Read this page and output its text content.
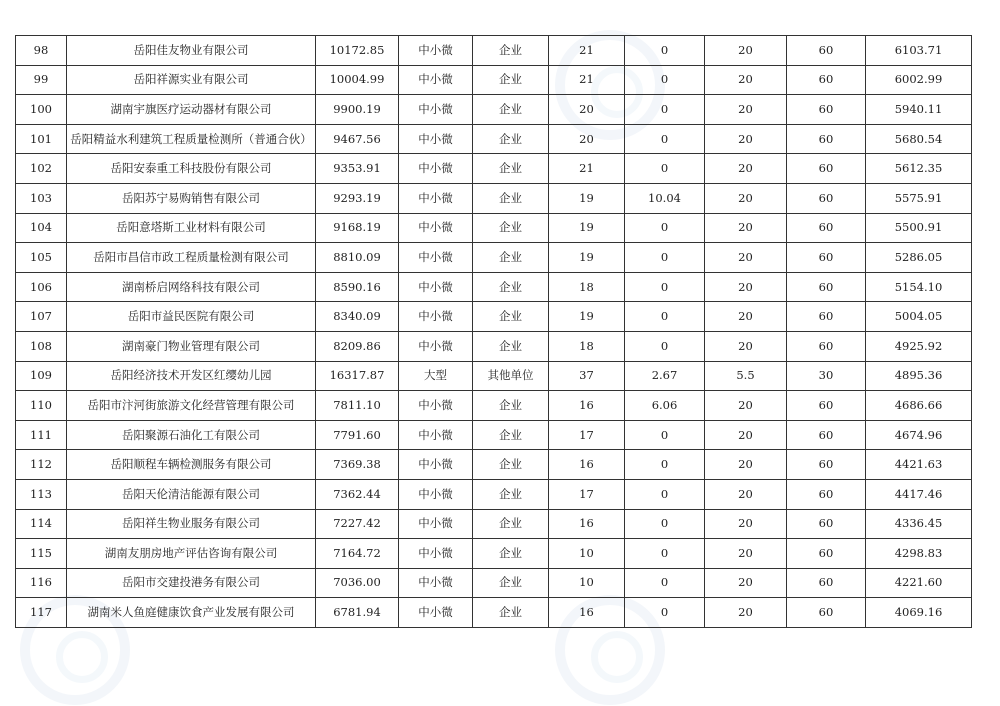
98	岳阳佳友物业有限公司	10172.85	中小微	企业	21	0	20	60	6103.71
99	岳阳祥源实业有限公司	10004.99	中小微	企业	21	0	20	60	6002.99
100	湖南宇旗医疗运动器材有限公司	9900.19	中小微	企业	20	0	20	60	5940.11
101	岳阳精益水利建筑工程质量检测所（普通合伙）	9467.56	中小微	企业	20	0	20	60	5680.54
102	岳阳安泰重工科技股份有限公司	9353.91	中小微	企业	21	0	20	60	5612.35
103	岳阳苏宁易购销售有限公司	9293.19	中小微	企业	19	10.04	20	60	5575.91
104	岳阳意塔斯工业材料有限公司	9168.19	中小微	企业	19	0	20	60	5500.91
105	岳阳市昌信市政工程质量检测有限公司	8810.09	中小微	企业	19	0	20	60	5286.05
106	湖南桥启网络科技有限公司	8590.16	中小微	企业	18	0	20	60	5154.10
107	岳阳市益民医院有限公司	8340.09	中小微	企业	19	0	20	60	5004.05
108	湖南豪门物业管理有限公司	8209.86	中小微	企业	18	0	20	60	4925.92
109	岳阳经济技术开发区红缨幼儿园	16317.87	大型	其他单位	37	2.67	5.5	30	4895.36
110	岳阳市汴河街旅游文化经营管理有限公司	7811.10	中小微	企业	16	6.06	20	60	4686.66
111	岳阳聚源石油化工有限公司	7791.60	中小微	企业	17	0	20	60	4674.96
112	岳阳顺程车辆检测服务有限公司	7369.38	中小微	企业	16	0	20	60	4421.63
113	岳阳天伦清洁能源有限公司	7362.44	中小微	企业	17	0	20	60	4417.46
114	岳阳祥生物业服务有限公司	7227.42	中小微	企业	16	0	20	60	4336.45
115	湖南友朋房地产评估咨询有限公司	7164.72	中小微	企业	10	0	20	60	4298.83
116	岳阳市交建投港务有限公司	7036.00	中小微	企业	10	0	20	60	4221.60
117	湖南米人鱼庭健康饮食产业发展有限公司	6781.94	中小微	企业	16	0	20	60	4069.16
